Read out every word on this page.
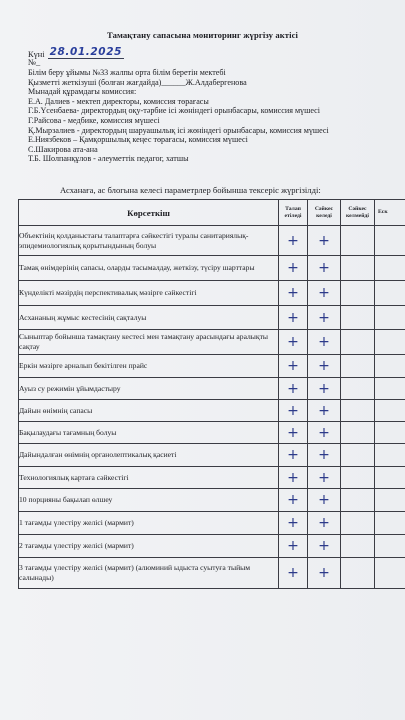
Тамақтану сапасына мониторинг жүргізу актісі
Күні 28.01.2025
№_
Білім беру ұйымы №33 жалпы орта білім беретін мектебі
Қызметті жеткізуші (болған жағдайда)______Ж.Алдабергенова
Мынадай құрамдағы комиссия:
Е.А. Далиев - мектеп директоры, комиссия төрағасы
Г.Б.Үсенбаева- директордың оқу-тәрбие ісі жөніндегі орынбасары, комиссия мүшесі
Г.Райсова - медбике, комиссия мүшесі
Қ.Мырзалиев - директордың шаруашылық ісі жөніндегі орынбасары, комиссия мүшесі
Е.Ниязбеков – Қамқоршылық кеңес төрағасы, комиссия мүшесі
С.Шакирова ата-ана
Т.Б. Шолпанқұлов - әлеуметтік педагог, хатшы
Асханаға, ас блогына келесі параметрлер бойынша тексеріс жүргізілді:
Көрсеткіш	Талап етіледі	Сәйкес келеді	Сәйкес келмейді	Еск
Объектінің қолданыстағы талаптарға сәйкестігі туралы санитариялық-эпидемиологиялық қорытындының болуы	+	+		
Тамақ өнімдерінің сапасы, оларды тасымалдау, жеткізу, түсіру шарттары	+	+		
Күнделікті мәзірдің перспективалық мәзірге сәйкестігі	+	+		
Асхананың жұмыс кестесінің сақталуы	+	+		
Сыныптар бойынша тамақтану кестесі мен тамақтану арасындағы аралықты сақтау	+	+		
Еркін мәзірге арналып бекітілген прайс	+	+		
Ауыз су режимін ұйымдастыру	+	+		
Дайын өнімнің сапасы	+	+		
Бақылаудағы тағамның болуы	+	+		
Дайындалған өнімнің органолептикалық қасиеті	+	+		
Технологиялық картаға сәйкестігі	+	+		
10 порцияны бақылап өлшеу	+	+		
1 тағамды үлестіру желісі (мармит)	+	+		
2 тағамды үлестіру желісі (мармит)	+	+		
3 тағамды үлестіру желісі (мармит) (алюминий ыдыста суытуға тыйым салынады)	+	+		
